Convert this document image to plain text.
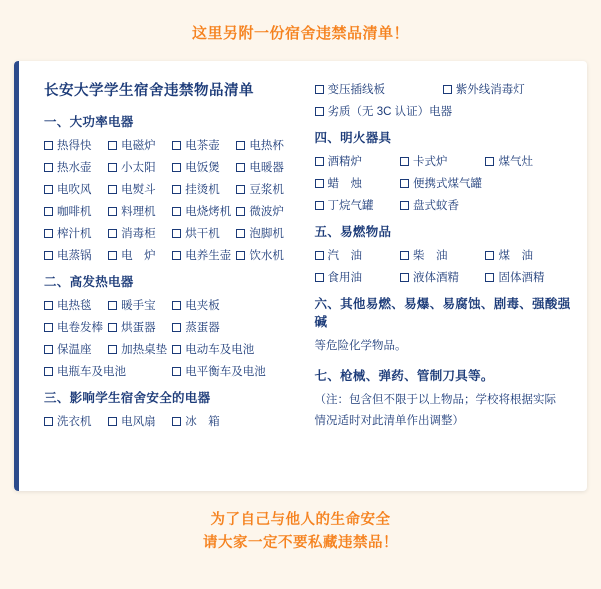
这里另附一份宿舍违禁品清单！
长安大学学生宿舍违禁物品清单
一、大功率电器
热得快	电磁炉	电茶壶	电热杯
热水壶	小太阳	电饭煲	电暖器
电吹风	电熨斗	挂烫机	豆浆机
咖啡机	料理机	电烧烤机 微波炉
榨汁机	消毒柜	烘干机	泡脚机
电蒸锅	电　炉	电养生壶 饮水机
二、高发热电器
电热毯	暖手宝	电夹板
电卷发棒 烘蛋器	蒸蛋器
保温座	加热桌垫 电动车及电池
电瓶车及电池	电平衡车及电池
三、影响学生宿舍安全的电器
洗衣机	电风扇	冰　箱
变压插线板	紫外线消毒灯
劣质（无 3C 认证）电器
四、明火器具
酒精炉	卡式炉	煤气灶
蜡　烛	便携式煤气罐
丁烷气罐	盘式蚊香
五、易燃物品
汽　油	柴　油	煤　油
食用油	液体酒精	固体酒精
六、其他易燃、易爆、易腐蚀、剧毒、强酸强碱

等危险化学物品。

七、枪械、弹药、管制刀具等。

（注：包含但不限于以上物品；学校将根据实际

情况适时对此清单作出调整）

为了自己与他人的生命安全
请大家一定不要私藏违禁品！
